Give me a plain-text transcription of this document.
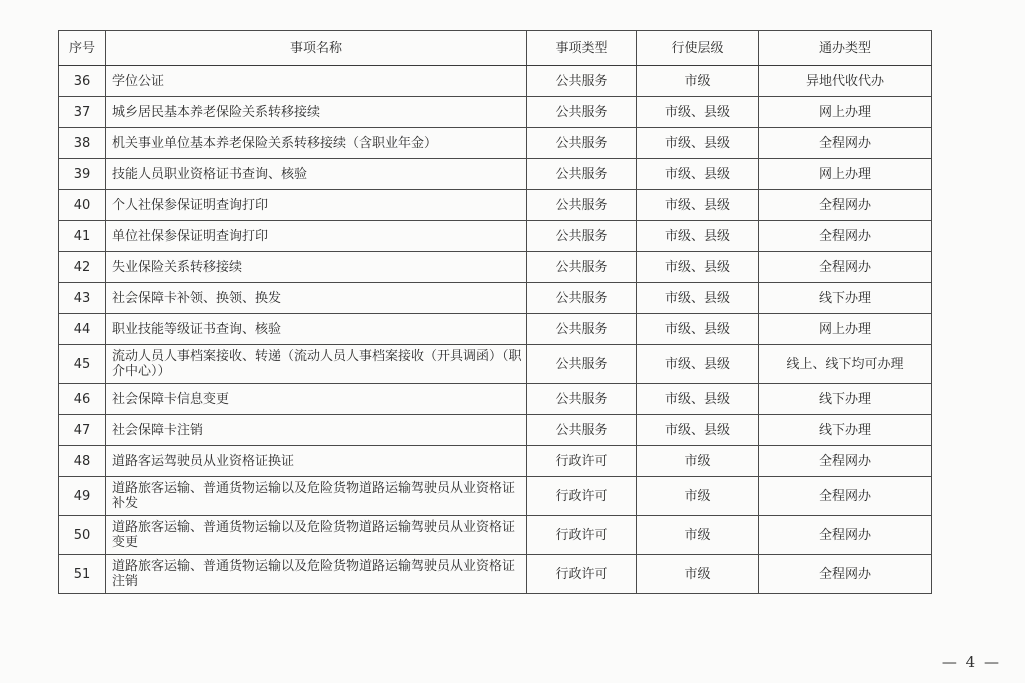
序号	事项名称	事项类型	行使层级	通办类型
36	学位公证	公共服务	市级	异地代收代办
37	城乡居民基本养老保险关系转移接续	公共服务	市级、县级	网上办理
38	机关事业单位基本养老保险关系转移接续（含职业年金）	公共服务	市级、县级	全程网办
39	技能人员职业资格证书查询、核验	公共服务	市级、县级	网上办理
40	个人社保参保证明查询打印	公共服务	市级、县级	全程网办
41	单位社保参保证明查询打印	公共服务	市级、县级	全程网办
42	失业保险关系转移接续	公共服务	市级、县级	全程网办
43	社会保障卡补领、换领、换发	公共服务	市级、县级	线下办理
44	职业技能等级证书查询、核验	公共服务	市级、县级	网上办理
45	流动人员人事档案接收、转递（流动人员人事档案接收（开具调函）（职介中心））	公共服务	市级、县级	线上、线下均可办理
46	社会保障卡信息变更	公共服务	市级、县级	线下办理
47	社会保障卡注销	公共服务	市级、县级	线下办理
48	道路客运驾驶员从业资格证换证	行政许可	市级	全程网办
49	道路旅客运输、普通货物运输以及危险货物道路运输驾驶员从业资格证补发	行政许可	市级	全程网办
50	道路旅客运输、普通货物运输以及危险货物道路运输驾驶员从业资格证变更	行政许可	市级	全程网办
51	道路旅客运输、普通货物运输以及危险货物道路运输驾驶员从业资格证注销	行政许可	市级	全程网办
— 4 —
